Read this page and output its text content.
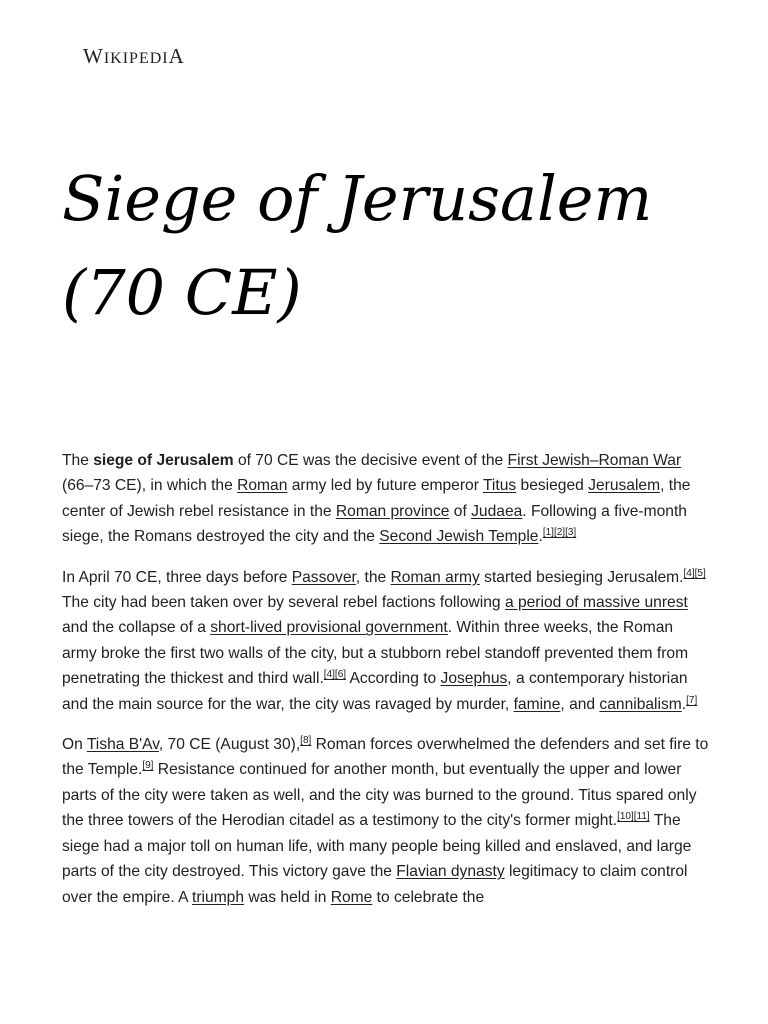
WIKIPEDIA
Siege of Jerusalem (70 CE)

The siege of Jerusalem of 70 CE was the decisive event of the First Jewish–Roman War (66–73 CE), in which the Roman army led by future emperor Titus besieged Jerusalem, the center of Jewish rebel resistance in the Roman province of Judaea. Following a five-month siege, the Romans destroyed the city and the Second Jewish Temple.[1][2][3]

In April 70 CE, three days before Passover, the Roman army started besieging Jerusalem.[4][5] The city had been taken over by several rebel factions following a period of massive unrest and the collapse of a short-lived provisional government. Within three weeks, the Roman army broke the first two walls of the city, but a stubborn rebel standoff prevented them from penetrating the thickest and third wall.[4][6] According to Josephus, a contemporary historian and the main source for the war, the city was ravaged by murder, famine, and cannibalism.[7]

On Tisha B'Av, 70 CE (August 30),[8] Roman forces overwhelmed the defenders and set fire to the Temple.[9] Resistance continued for another month, but eventually the upper and lower parts of the city were taken as well, and the city was burned to the ground. Titus spared only the three towers of the Herodian citadel as a testimony to the city's former might.[10][11] The siege had a major toll on human life, with many people being killed and enslaved, and large parts of the city destroyed. This victory gave the Flavian dynasty legitimacy to claim control over the empire. A triumph was held in Rome to celebrate the
